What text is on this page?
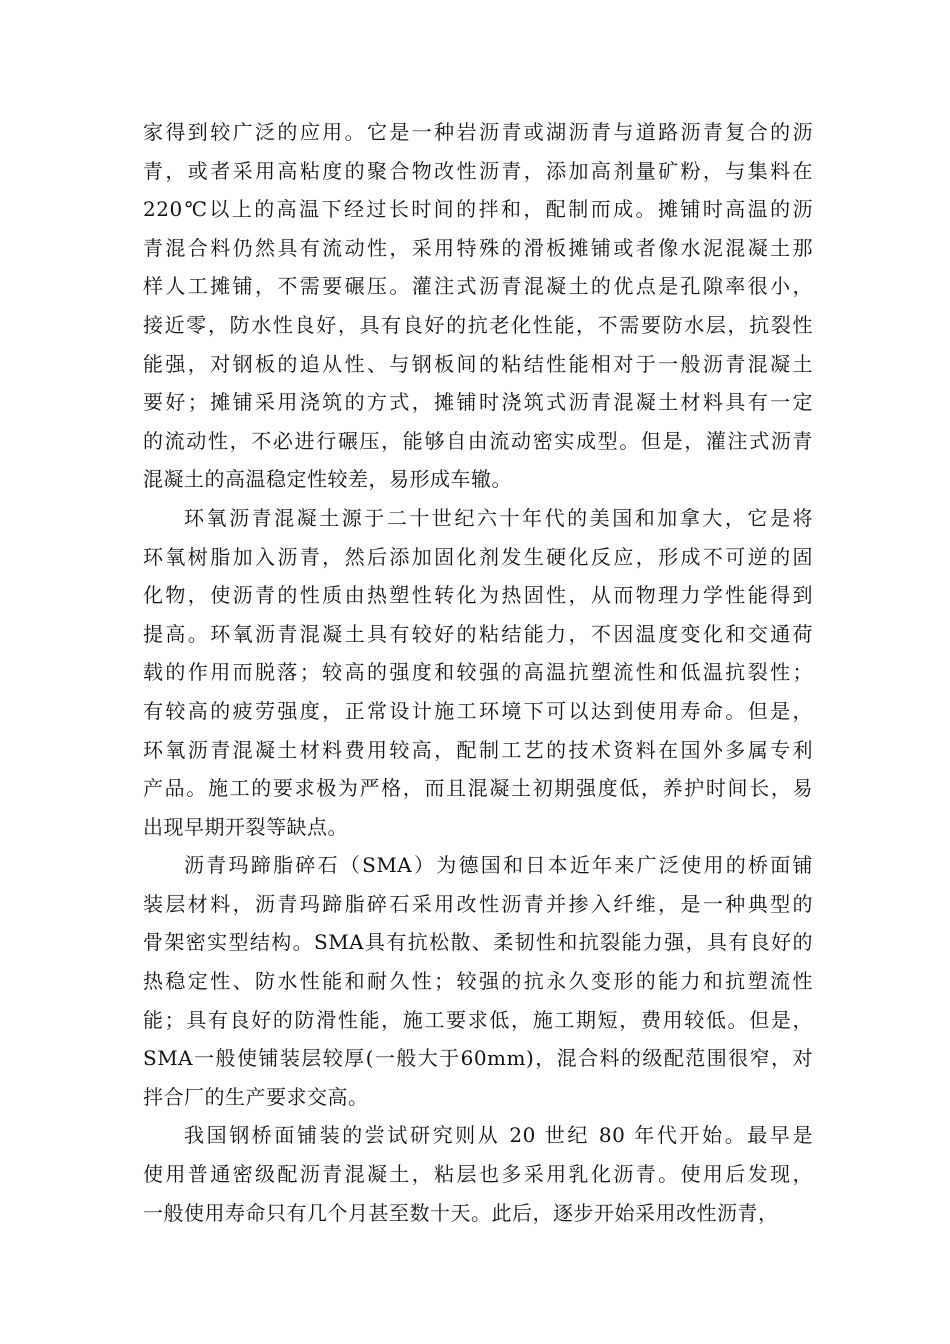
家得到较广泛的应用。它是一种岩沥青或湖沥青与道路沥青复合的沥
青，或者采用高粘度的聚合物改性沥青，添加高剂量矿粉，与集料在
220℃以上的高温下经过长时间的拌和，配制而成。摊铺时高温的沥
青混合料仍然具有流动性，采用特殊的滑板摊铺或者像水泥混凝土那
样人工摊铺，不需要碾压。灌注式沥青混凝土的优点是孔隙率很小，
接近零，防水性良好，具有良好的抗老化性能，不需要防水层，抗裂性
能强，对钢板的追从性、与钢板间的粘结性能相对于一般沥青混凝土
要好；摊铺采用浇筑的方式，摊铺时浇筑式沥青混凝土材料具有一定
的流动性，不必进行碾压，能够自由流动密实成型。但是，灌注式沥青
混凝土的高温稳定性较差，易形成车辙。
环氧沥青混凝土源于二十世纪六十年代的美国和加拿大，它是将
环氧树脂加入沥青，然后添加固化剂发生硬化反应，形成不可逆的固
化物，使沥青的性质由热塑性转化为热固性，从而物理力学性能得到
提高。环氧沥青混凝土具有较好的粘结能力，不因温度变化和交通荷
载的作用而脱落；较高的强度和较强的高温抗塑流性和低温抗裂性；
有较高的疲劳强度，正常设计施工环境下可以达到使用寿命。但是，
环氧沥青混凝土材料费用较高，配制工艺的技术资料在国外多属专利
产品。施工的要求极为严格，而且混凝土初期强度低，养护时间长，易
出现早期开裂等缺点。
沥青玛蹄脂碎石（SMA）为德国和日本近年来广泛使用的桥面铺
装层材料，沥青玛蹄脂碎石采用改性沥青并掺入纤维，是一种典型的
骨架密实型结构。SMA具有抗松散、柔韧性和抗裂能力强，具有良好的
热稳定性、防水性能和耐久性；较强的抗永久变形的能力和抗塑流性
能；具有良好的防滑性能，施工要求低，施工期短，费用较低。但是，
SMA一般使铺装层较厚(一般大于60mm)，混合料的级配范围很窄，对
拌合厂的生产要求交高。
我国钢桥面铺装的尝试研究则从 20 世纪 80 年代开始。最早是
使用普通密级配沥青混凝土，粘层也多采用乳化沥青。使用后发现，
一般使用寿命只有几个月甚至数十天。此后，逐步开始采用改性沥青，
